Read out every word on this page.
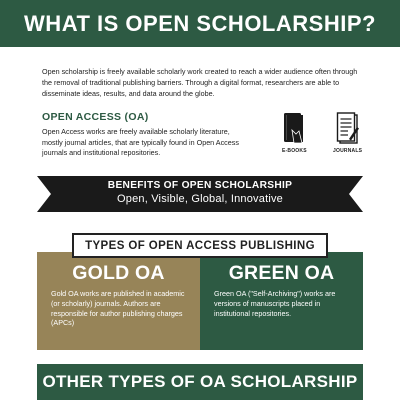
WHAT IS OPEN SCHOLARSHIP?

Open scholarship is freely available scholarly work created to reach a wider audience often through the removal of traditional publishing barriers. Through a digital format, researchers are able to disseminate ideas, results, and data around the globe.

OPEN ACCESS (OA)

Open Access works are freely available scholarly literature, mostly journal articles, that are typically found in Open Access journals and institutional repositories.	E-BOOKS	JOURNALS
BENEFITS OF OPEN SCHOLARSHIP
Open, Visible, Global, Innovative
GOLD OA

Gold OA works are published in academic (or scholarly) journals. Authors are responsible for author publishing charges (APCs)

GREEN OA

Green OA ("Self-Archiving") works are versions of manuscripts placed in institutional repositories.

TYPES OF OPEN ACCESS PUBLISHING
OTHER TYPES OF OA SCHOLARSHIP
